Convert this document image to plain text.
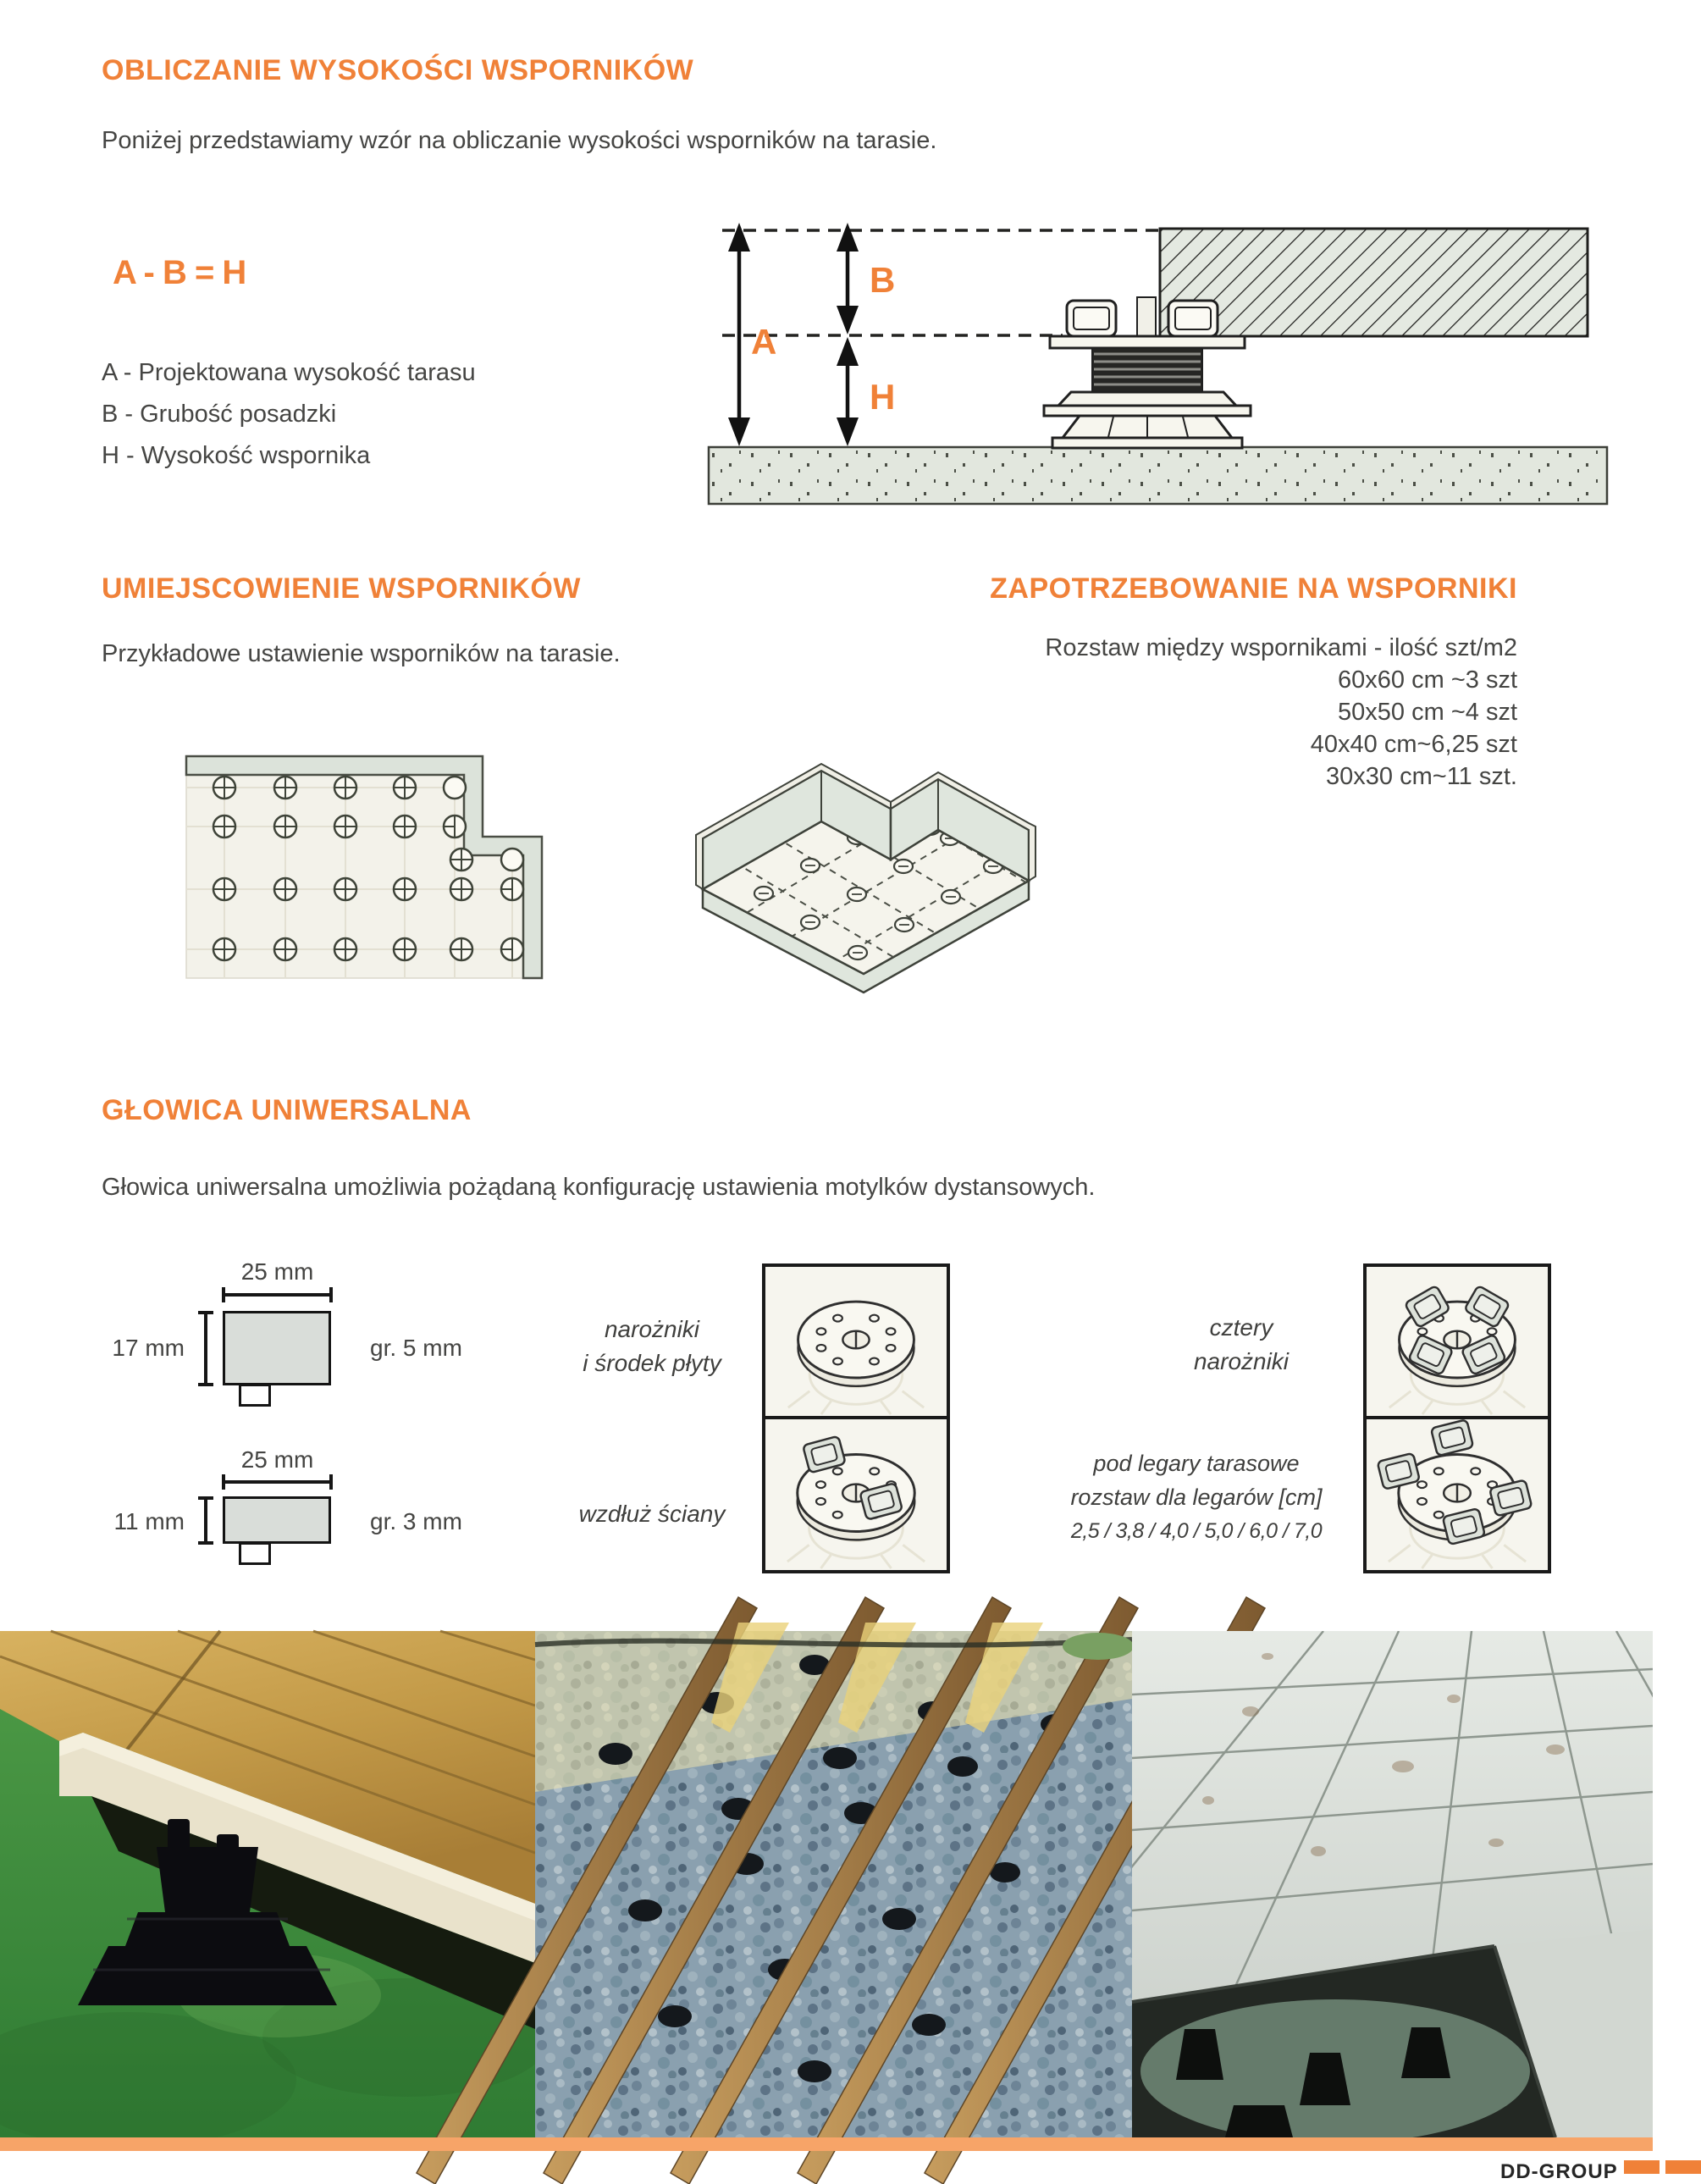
OBLICZANIE WYSOKOŚCI WSPORNIKÓW
Poniżej przedstawiamy wzór na obliczanie wysokości wsporników na tarasie.
A - B = H
A - Projektowana wysokość tarasu
B - Grubość posadzki
H - Wysokość wspornika
A
B
H
UMIEJSCOWIENIE WSPORNIKÓW
Przykładowe ustawienie wsporników na tarasie.
ZAPOTRZEBOWANIE NA WSPORNIKI
Rozstaw między wspornikami - ilość szt/m2
60x60 cm ~3 szt
50x50 cm ~4 szt
40x40 cm~6,25 szt
30x30 cm~11 szt.
GŁOWICA UNIWERSALNA
Głowica uniwersalna umożliwia pożądaną konfigurację ustawienia motylków dystansowych.
25 mm
17 mm	gr. 5 mm
25 mm
11 mm	gr. 3 mm
narożniki
i środek płyty
wzdłuż ściany
cztery
narożniki
pod legary tarasowe
rozstaw dla legarów [cm]
2,5 / 3,8 / 4,0 / 5,0 / 6,0 / 7,0
DD-GROUP
